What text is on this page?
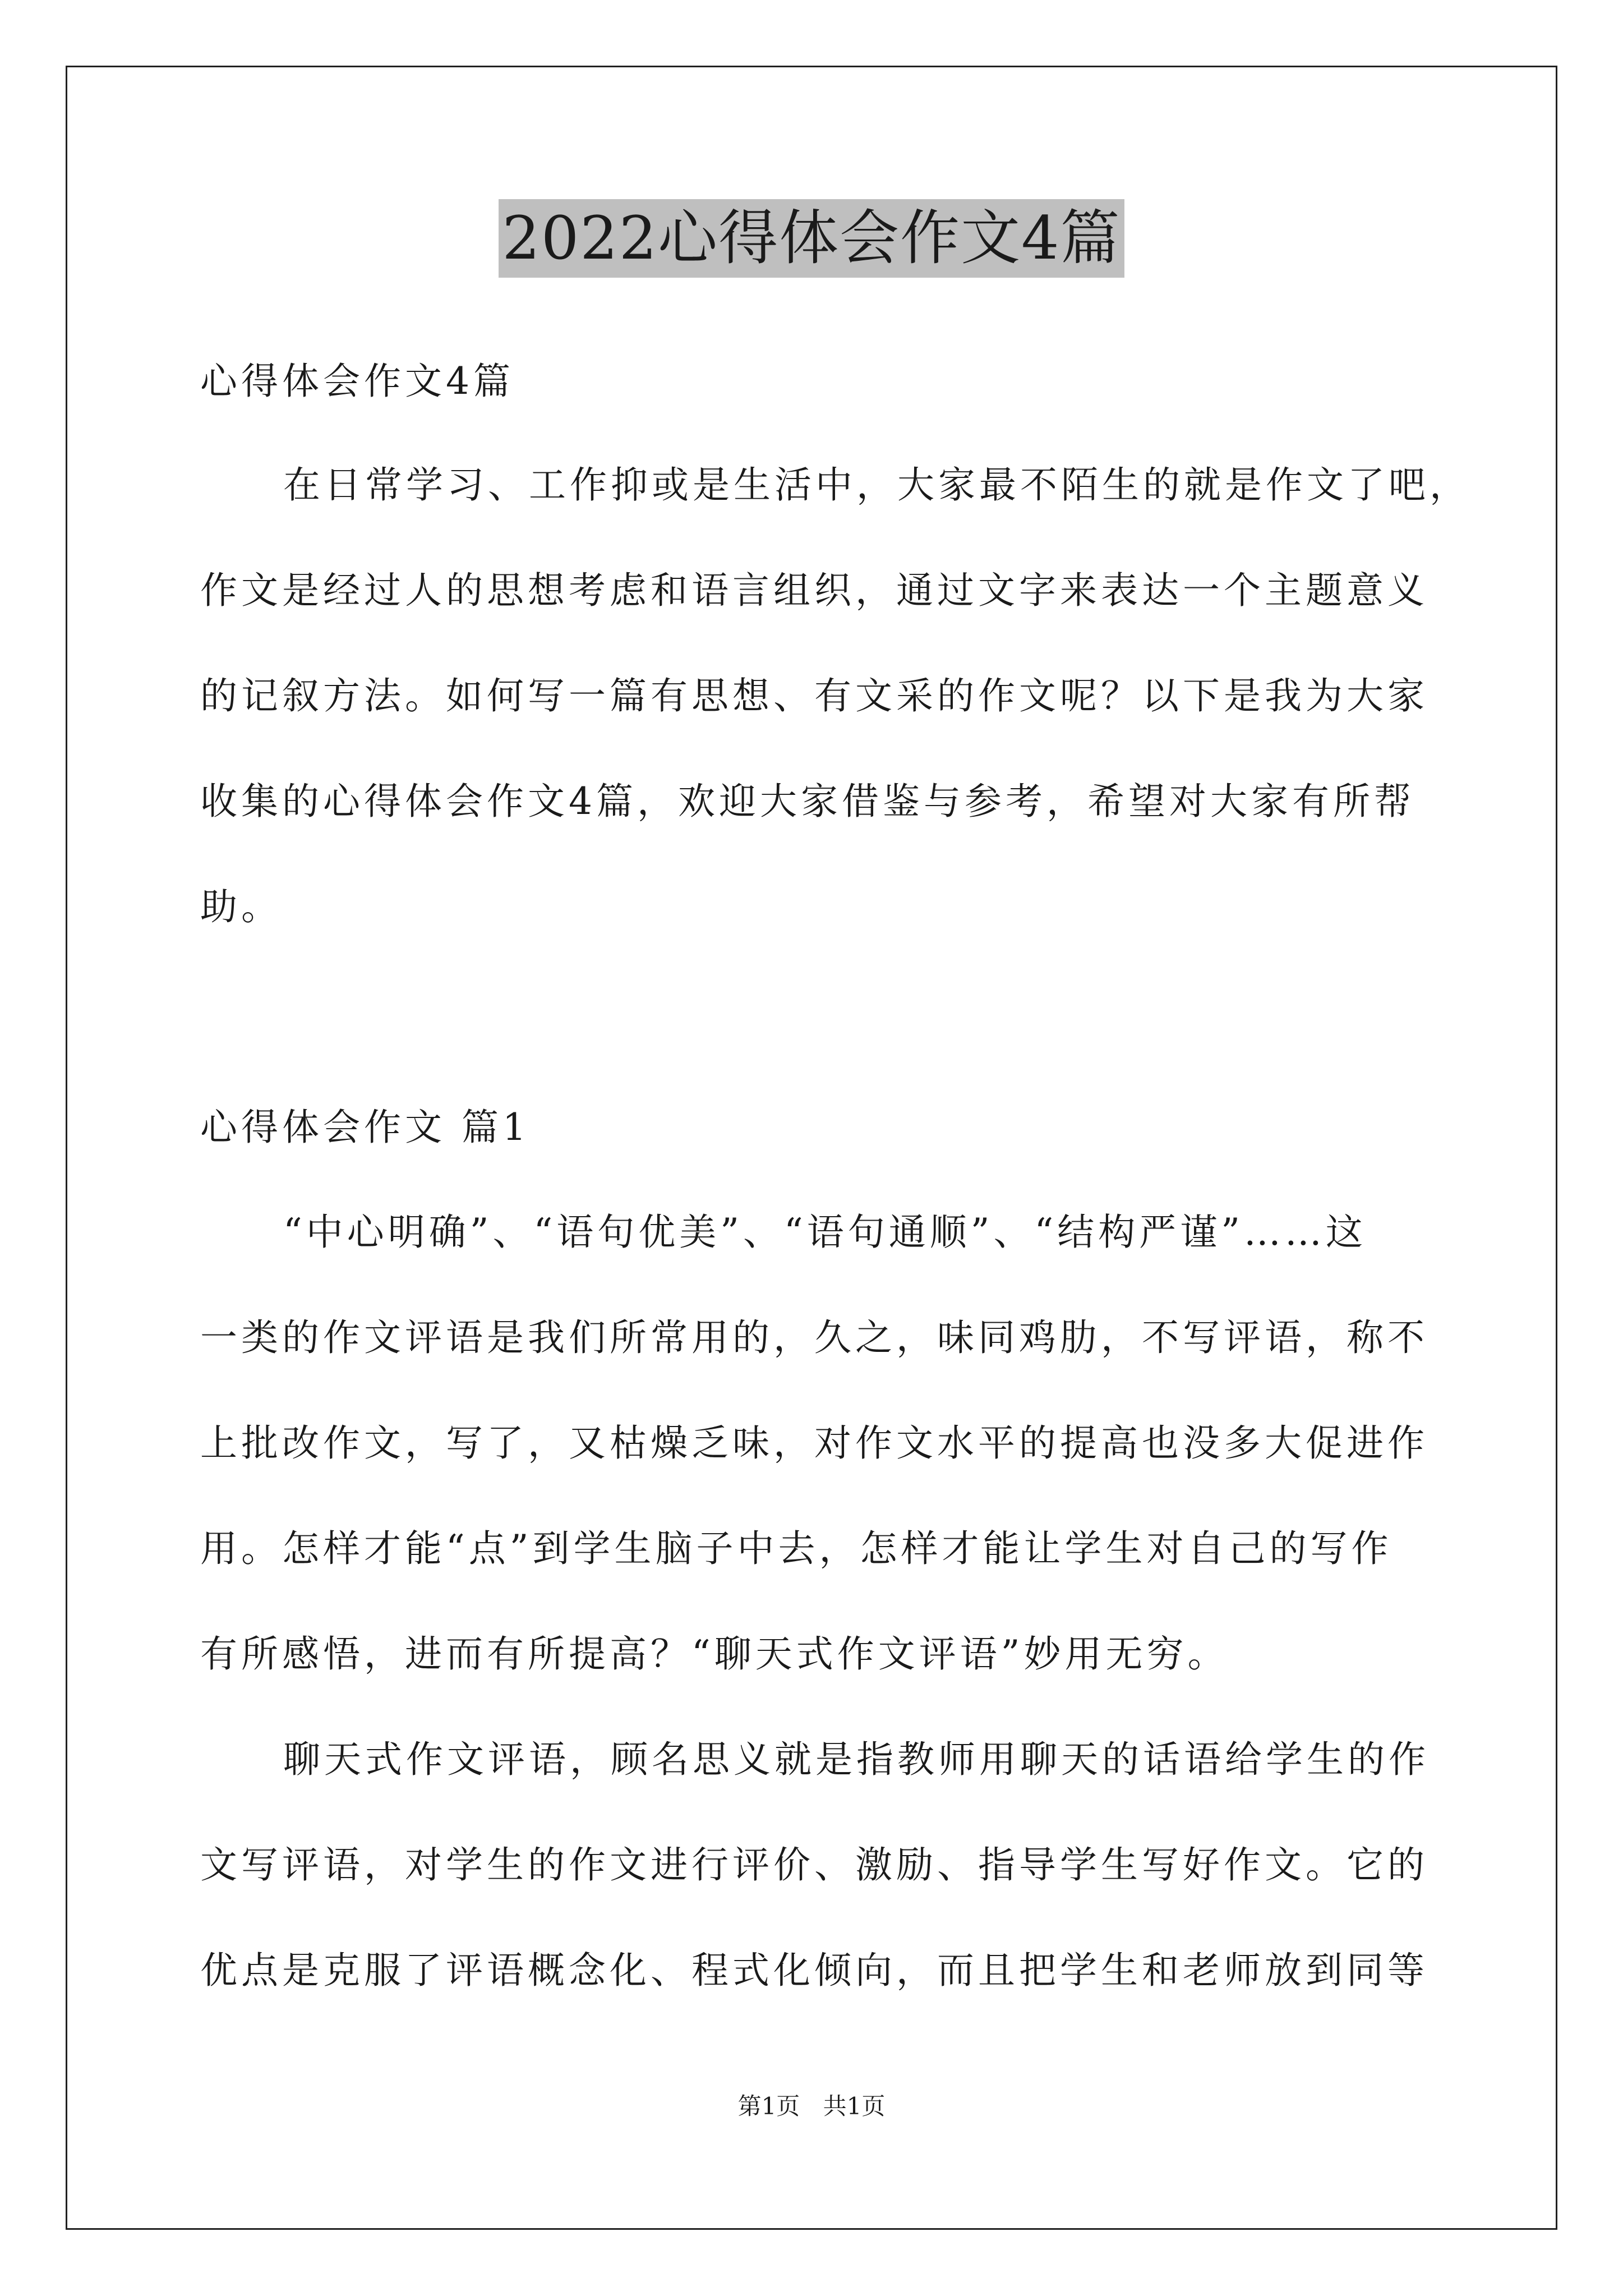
2022心得体会作文4篇
心得体会作文4篇
在日常学习、工作抑或是生活中，大家最不陌生的就是作文了吧，
作文是经过人的思想考虑和语言组织，通过文字来表达一个主题意义
的记叙方法。如何写一篇有思想、有文采的作文呢？以下是我为大家
收集的心得体会作文4篇，欢迎大家借鉴与参考，希望对大家有所帮
助。
心得体会作文 篇1
“中心明确”、“语句优美”、“语句通顺”、“结构严谨”……这
一类的作文评语是我们所常用的，久之，味同鸡肋，不写评语，称不
上批改作文，写了，又枯燥乏味，对作文水平的提高也没多大促进作
用。怎样才能“点”到学生脑子中去，怎样才能让学生对自己的写作
有所感悟，进而有所提高？“聊天式作文评语”妙用无穷。
聊天式作文评语，顾名思义就是指教师用聊天的话语给学生的作
文写评语，对学生的作文进行评价、激励、指导学生写好作文。它的
优点是克服了评语概念化、程式化倾向，而且把学生和老师放到同等
第1页 共1页
